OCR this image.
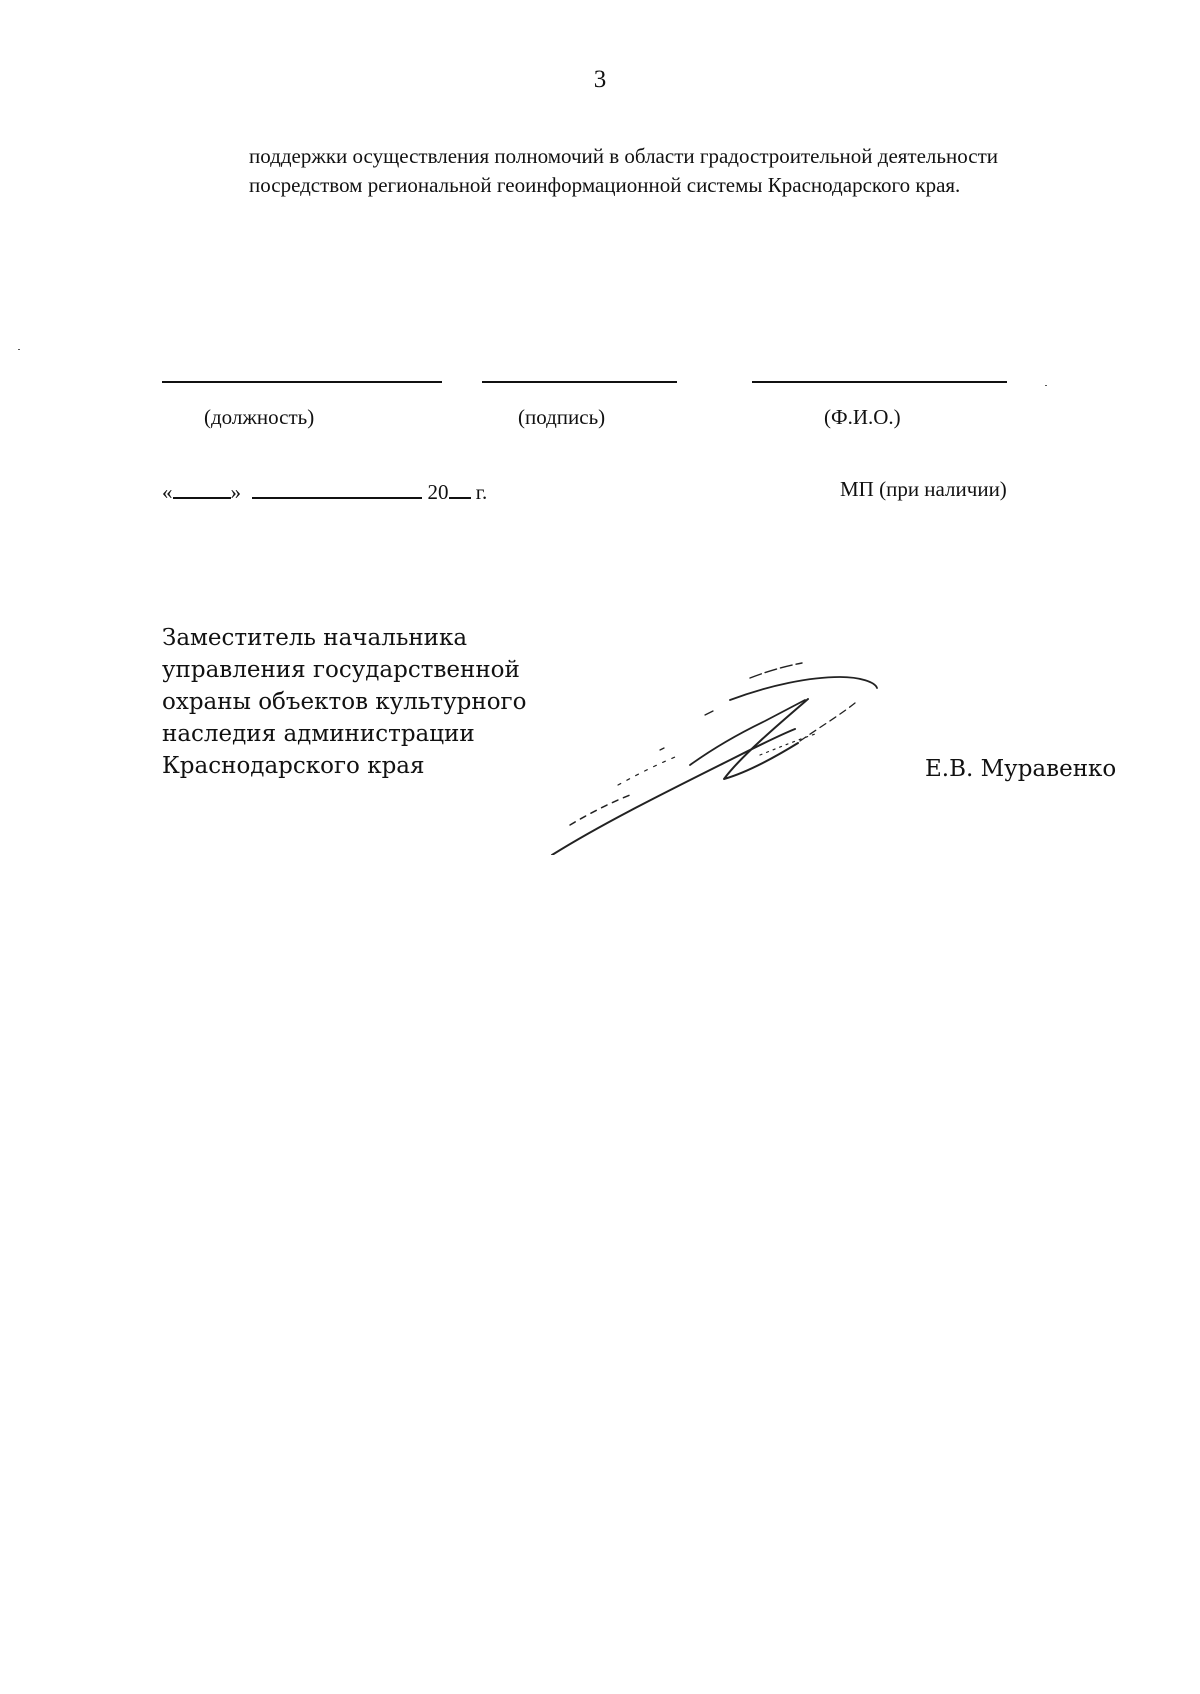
3

поддержки осуществления полномочий в области градостроительной деятельности

посредством региональной геоинформационной системы Краснодарского края.

(должность)	(подпись)	(Ф.И.О.)
«	»	20 г.	МП (при наличии)
Заместитель начальника
управления государственной
охраны объектов культурного
наследия администрации
Краснодарского края	Е.В. Муравенко
